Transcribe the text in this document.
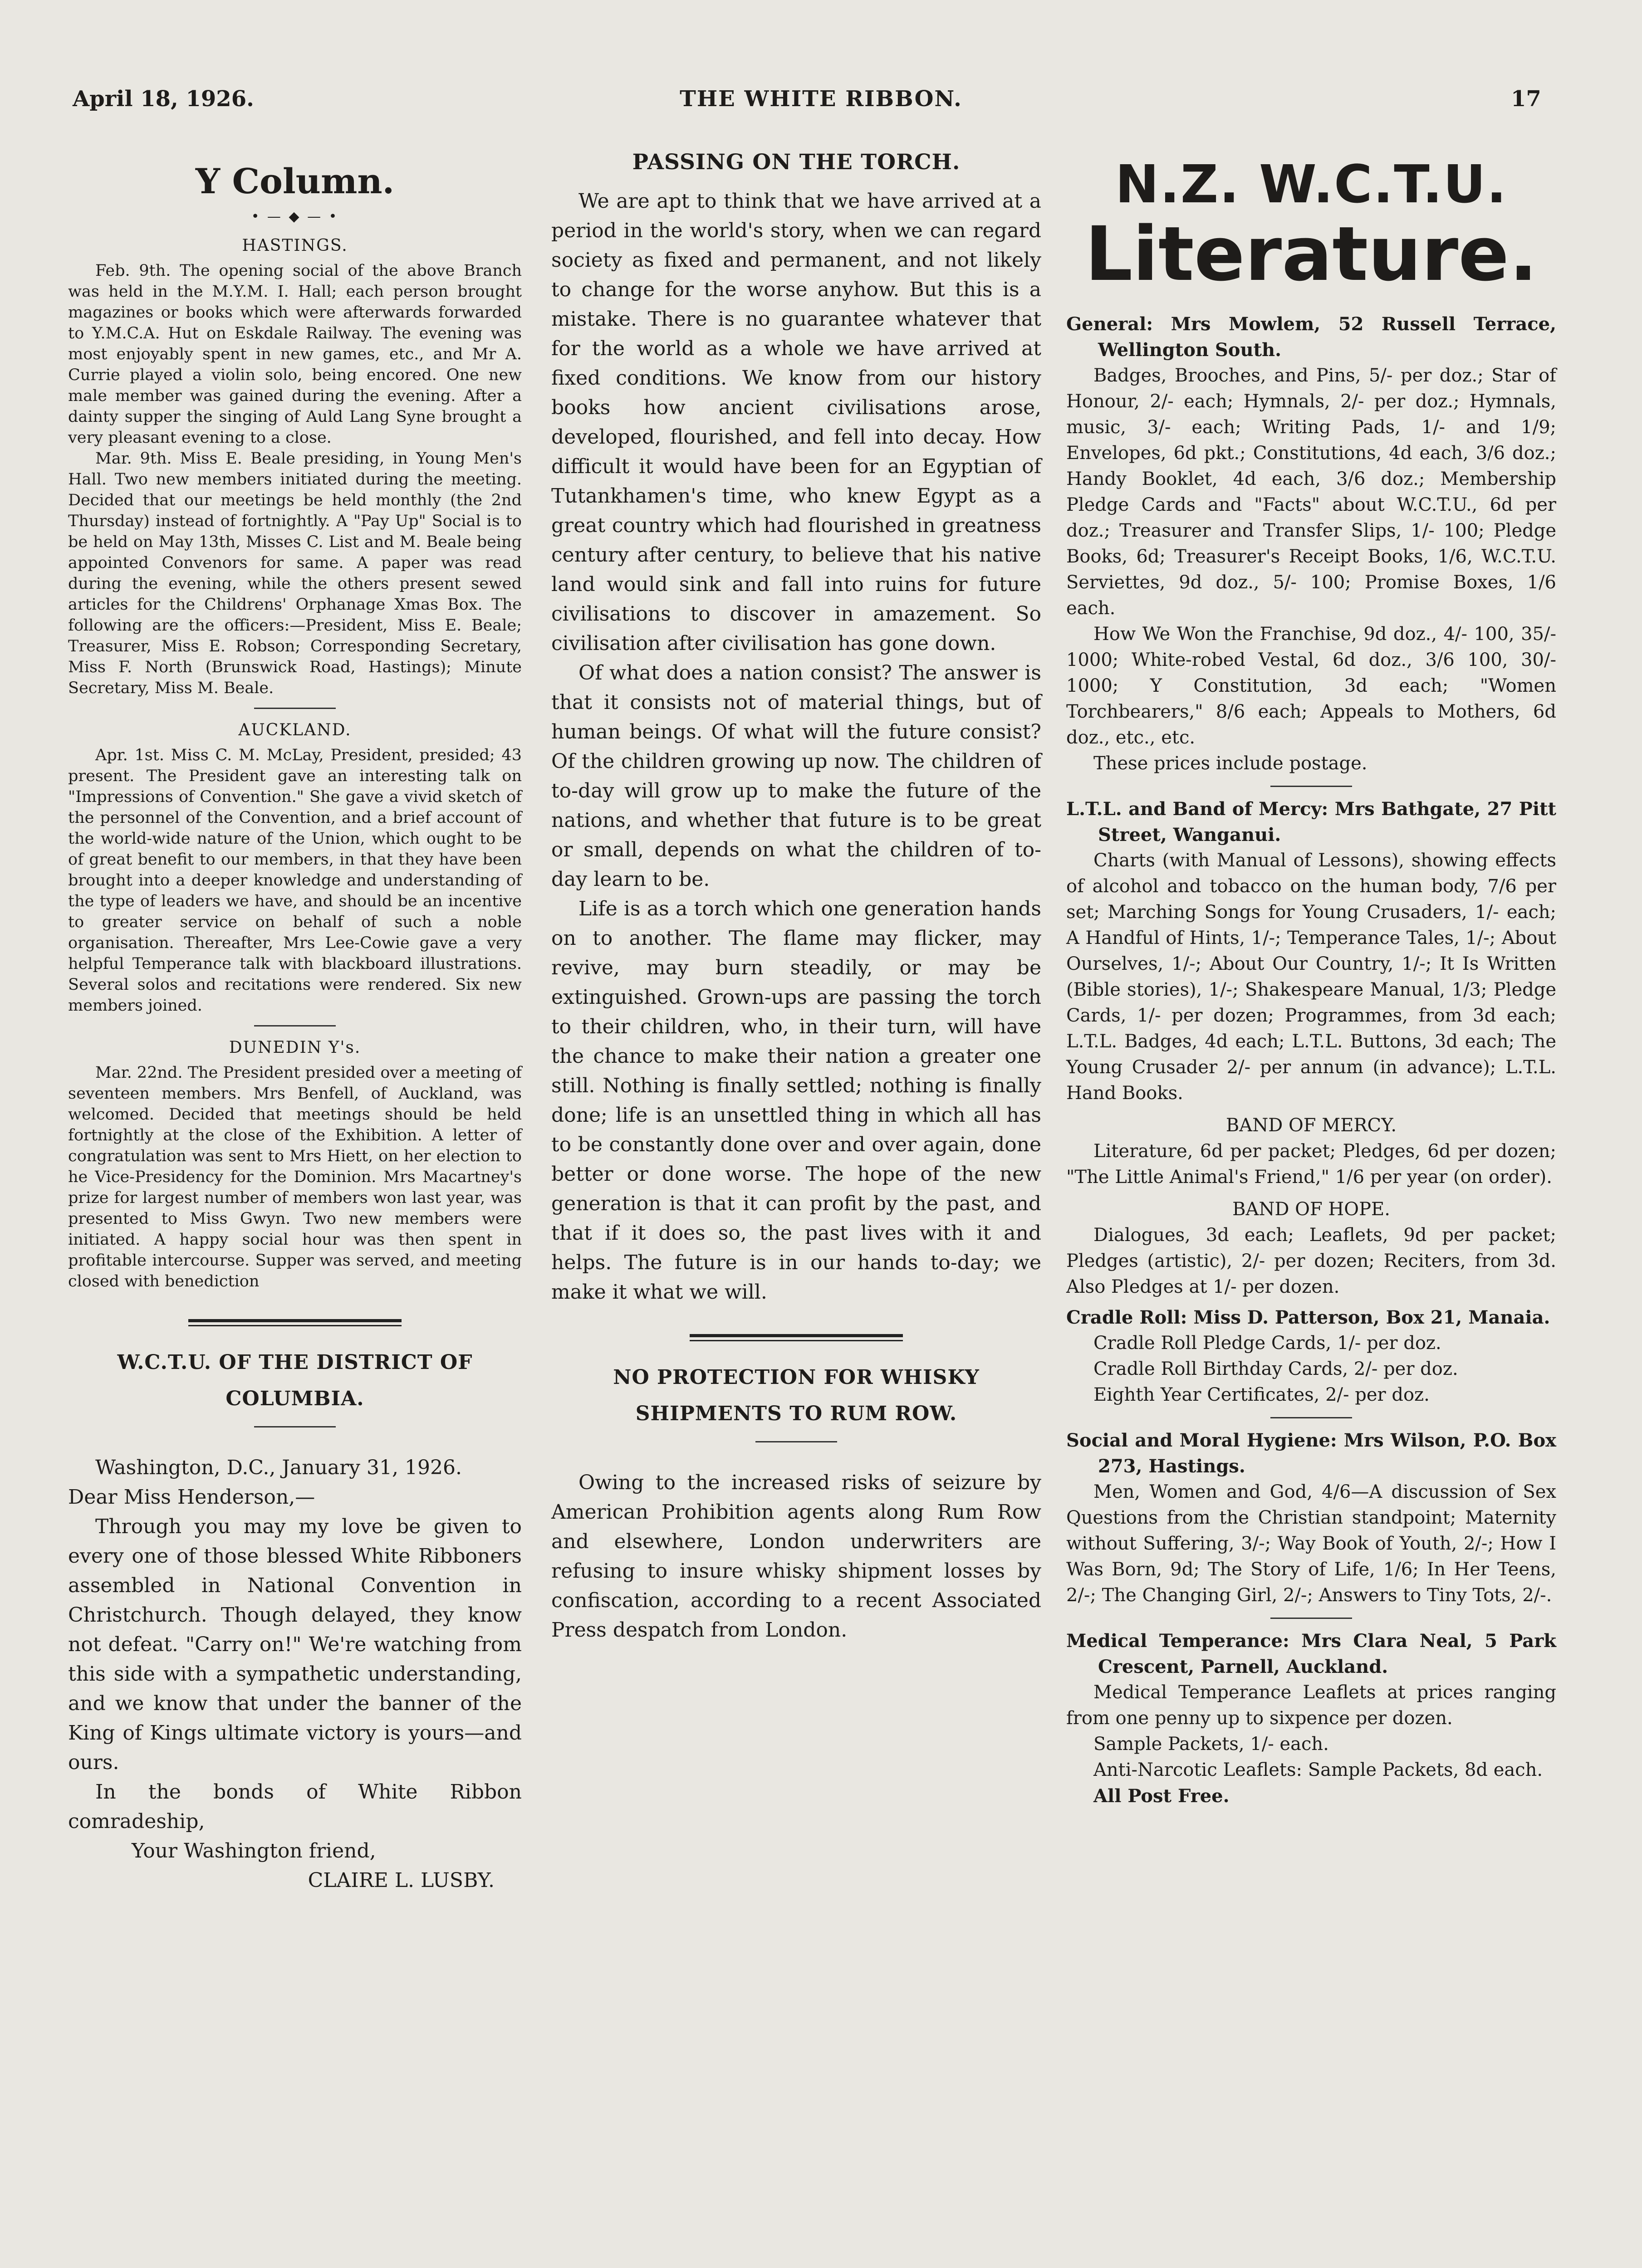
April 18, 1926.	THE WHITE RIBBON.	17
Y Column.
• — ◆ — •
HASTINGS.

Feb. 9th. The opening social of the above Branch was held in the M.Y.M. I. Hall; each person brought magazines or books which were afterwards forwarded to Y.M.C.A. Hut on Eskdale Railway. The evening was most enjoyably spent in new games, etc., and Mr A. Currie played a violin solo, being encored. One new male member was gained during the evening. After a dainty supper the singing of Auld Lang Syne brought a very pleasant evening to a close.

Mar. 9th. Miss E. Beale presiding, in Young Men's Hall. Two new members initiated during the meeting. Decided that our meetings be held monthly (the 2nd Thursday) instead of fortnightly. A "Pay Up" Social is to be held on May 13th, Misses C. List and M. Beale being appointed Convenors for same. A paper was read during the evening, while the others present sewed articles for the Childrens' Orphanage Xmas Box. The following are the officers:—President, Miss E. Beale; Treasurer, Miss E. Robson; Corresponding Secretary, Miss F. North (Brunswick Road, Hastings); Minute Secretary, Miss M. Beale.

AUCKLAND.

Apr. 1st. Miss C. M. McLay, President, presided; 43 present. The President gave an interesting talk on "Impressions of Convention." She gave a vivid sketch of the personnel of the Convention, and a brief account of the world-wide nature of the Union, which ought to be of great benefit to our members, in that they have been brought into a deeper knowledge and understanding of the type of leaders we have, and should be an incentive to greater service on behalf of such a noble organisation. Thereafter, Mrs Lee-Cowie gave a very helpful Temperance talk with blackboard illustrations. Several solos and recitations were rendered. Six new members joined.

DUNEDIN Y's.

Mar. 22nd. The President presided over a meeting of seventeen members. Mrs Benfell, of Auckland, was welcomed. Decided that meetings should be held fortnightly at the close of the Exhibition. A letter of congratulation was sent to Mrs Hiett, on her election to he Vice-Presidency for the Dominion. Mrs Macartney's prize for largest number of members won last year, was presented to Miss Gwyn. Two new members were initiated. A happy social hour was then spent in profitable intercourse. Supper was served, and meeting closed with benediction

W.C.T.U. OF THE DISTRICT OF
COLUMBIA.

Washington, D.C., January 31, 1926.

Dear Miss Henderson,—

Through you may my love be given to every one of those blessed White Ribboners assembled in National Convention in Christchurch. Though delayed, they know not defeat. "Carry on!" We're watching from this side with a sympathetic understanding, and we know that under the banner of the King of Kings ultimate victory is yours—and ours.

In the bonds of White Ribbon comradeship,

Your Washington friend,

CLAIRE L. LUSBY.

PASSING ON THE TORCH.

We are apt to think that we have arrived at a period in the world's story, when we can regard society as fixed and permanent, and not likely to change for the worse anyhow. But this is a mistake. There is no guarantee whatever that for the world as a whole we have arrived at fixed conditions. We know from our history books how ancient civilisations arose, developed, flourished, and fell into decay. How difficult it would have been for an Egyptian of Tutankhamen's time, who knew Egypt as a great country which had flourished in greatness century after century, to believe that his native land would sink and fall into ruins for future civilisations to discover in amazement. So civilisation after civilisation has gone down.

Of what does a nation consist? The answer is that it consists not of material things, but of human beings. Of what will the future consist? Of the children growing up now. The children of to-day will grow up to make the future of the nations, and whether that future is to be great or small, depends on what the children of to-day learn to be.

Life is as a torch which one generation hands on to another. The flame may flicker, may revive, may burn steadily, or may be extinguished. Grown-ups are passing the torch to their children, who, in their turn, will have the chance to make their nation a greater one still. Nothing is finally settled; nothing is finally done; life is an unsettled thing in which all has to be constantly done over and over again, done better or done worse. The hope of the new generation is that it can profit by the past, and that if it does so, the past lives with it and helps. The future is in our hands to-day; we make it what we will.

NO PROTECTION FOR WHISKY
SHIPMENTS TO RUM ROW.

Owing to the increased risks of seizure by American Prohibition agents along Rum Row and elsewhere, London underwriters are refusing to insure whisky shipment losses by confiscation, according to a recent Associated Press despatch from London.

N.Z. W.C.T.U.
Literature.

General: Mrs Mowlem, 52 Russell Terrace, Wellington South.

Badges, Brooches, and Pins, 5/- per doz.; Star of Honour, 2/- each; Hymnals, 2/- per doz.; Hymnals, music, 3/- each; Writing Pads, 1/- and 1/9; Envelopes, 6d pkt.; Constitutions, 4d each, 3/6 doz.; Handy Booklet, 4d each, 3/6 doz.; Membership Pledge Cards and "Facts" about W.C.T.U., 6d per doz.; Treasurer and Transfer Slips, 1/- 100; Pledge Books, 6d; Treasurer's Receipt Books, 1/6, W.C.T.U. Serviettes, 9d doz., 5/- 100; Promise Boxes, 1/6 each.

How We Won the Franchise, 9d doz., 4/- 100, 35/- 1000; White-robed Vestal, 6d doz., 3/6 100, 30/- 1000; Y Constitution, 3d each; "Women Torchbearers," 8/6 each; Appeals to Mothers, 6d doz., etc., etc.

These prices include postage.

L.T.L. and Band of Mercy: Mrs Bathgate, 27 Pitt Street, Wanganui.

Charts (with Manual of Lessons), showing effects of alcohol and tobacco on the human body, 7/6 per set; Marching Songs for Young Crusaders, 1/- each; A Handful of Hints, 1/-; Temperance Tales, 1/-; About Ourselves, 1/-; About Our Country, 1/-; It Is Written (Bible stories), 1/-; Shakespeare Manual, 1/3; Pledge Cards, 1/- per dozen; Programmes, from 3d each; L.T.L. Badges, 4d each; L.T.L. Buttons, 3d each; The Young Crusader 2/- per annum (in advance); L.T.L. Hand Books.

BAND OF MERCY.

Literature, 6d per packet; Pledges, 6d per dozen; "The Little Animal's Friend," 1/6 per year (on order).

BAND OF HOPE.

Dialogues, 3d each; Leaflets, 9d per packet; Pledges (artistic), 2/- per dozen; Reciters, from 3d. Also Pledges at 1/- per dozen.

Cradle Roll: Miss D. Patterson, Box 21, Manaia.

Cradle Roll Pledge Cards, 1/- per doz.

Cradle Roll Birthday Cards, 2/- per doz.

Eighth Year Certificates, 2/- per doz.

Social and Moral Hygiene: Mrs Wilson, P.O. Box 273, Hastings.

Men, Women and God, 4/6—A discussion of Sex Questions from the Christian standpoint; Maternity without Suffering, 3/-; Way Book of Youth, 2/-; How I Was Born, 9d; The Story of Life, 1/6; In Her Teens, 2/-; The Changing Girl, 2/-; Answers to Tiny Tots, 2/-.

Medical Temperance: Mrs Clara Neal, 5 Park Crescent, Parnell, Auckland.

Medical Temperance Leaflets at prices ranging from one penny up to sixpence per dozen.

Sample Packets, 1/- each.

Anti-Narcotic Leaflets: Sample Packets, 8d each.

All Post Free.
